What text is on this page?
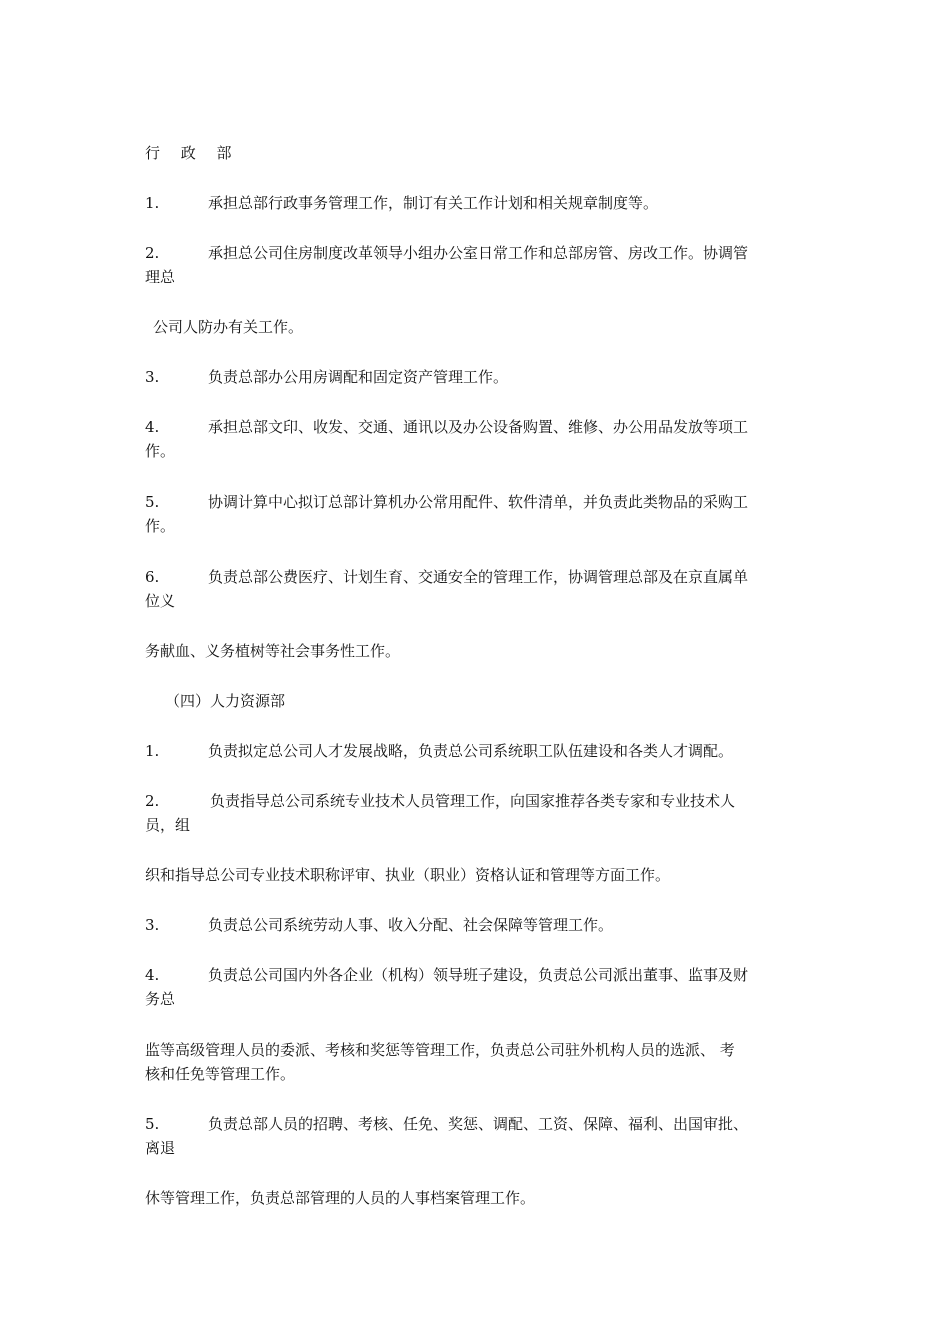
行 政 部
1.	承担总部行政事务管理工作，制订有关工作计划和相关规章制度等。
2.	承担总公司住房制度改革领导小组办公室日常工作和总部房管、房改工作。协调管
理总
公司人防办有关工作。
3.	负责总部办公用房调配和固定资产管理工作。
4.	承担总部文印、收发、交通、通讯以及办公设备购置、维修、办公用品发放等项工
作。
5.	协调计算中心拟订总部计算机办公常用配件、软件清单，并负责此类物品的采购工
作。
6.	负责总部公费医疗、计划生育、交通安全的管理工作，协调管理总部及在京直属单
位义
务献血、义务植树等社会事务性工作。
（四）人力资源部
1.	负责拟定总公司人才发展战略，负责总公司系统职工队伍建设和各类人才调配。
2.	负责指导总公司系统专业技术人员管理工作，向国家推荐各类专家和专业技术人
员，组
织和指导总公司专业技术职称评审、执业（职业）资格认证和管理等方面工作。
3.	负责总公司系统劳动人事、收入分配、社会保障等管理工作。
4.	负责总公司国内外各企业（机构）领导班子建设，负责总公司派出董事、监事及财
务总
监等高级管理人员的委派、考核和奖惩等管理工作，负责总公司驻外机构人员的选派、 考
核和任免等管理工作。
5.	负责总部人员的招聘、考核、任免、奖惩、调配、工资、保障、福利、出国审批、
离退
休等管理工作，负责总部管理的人员的人事档案管理工作。
